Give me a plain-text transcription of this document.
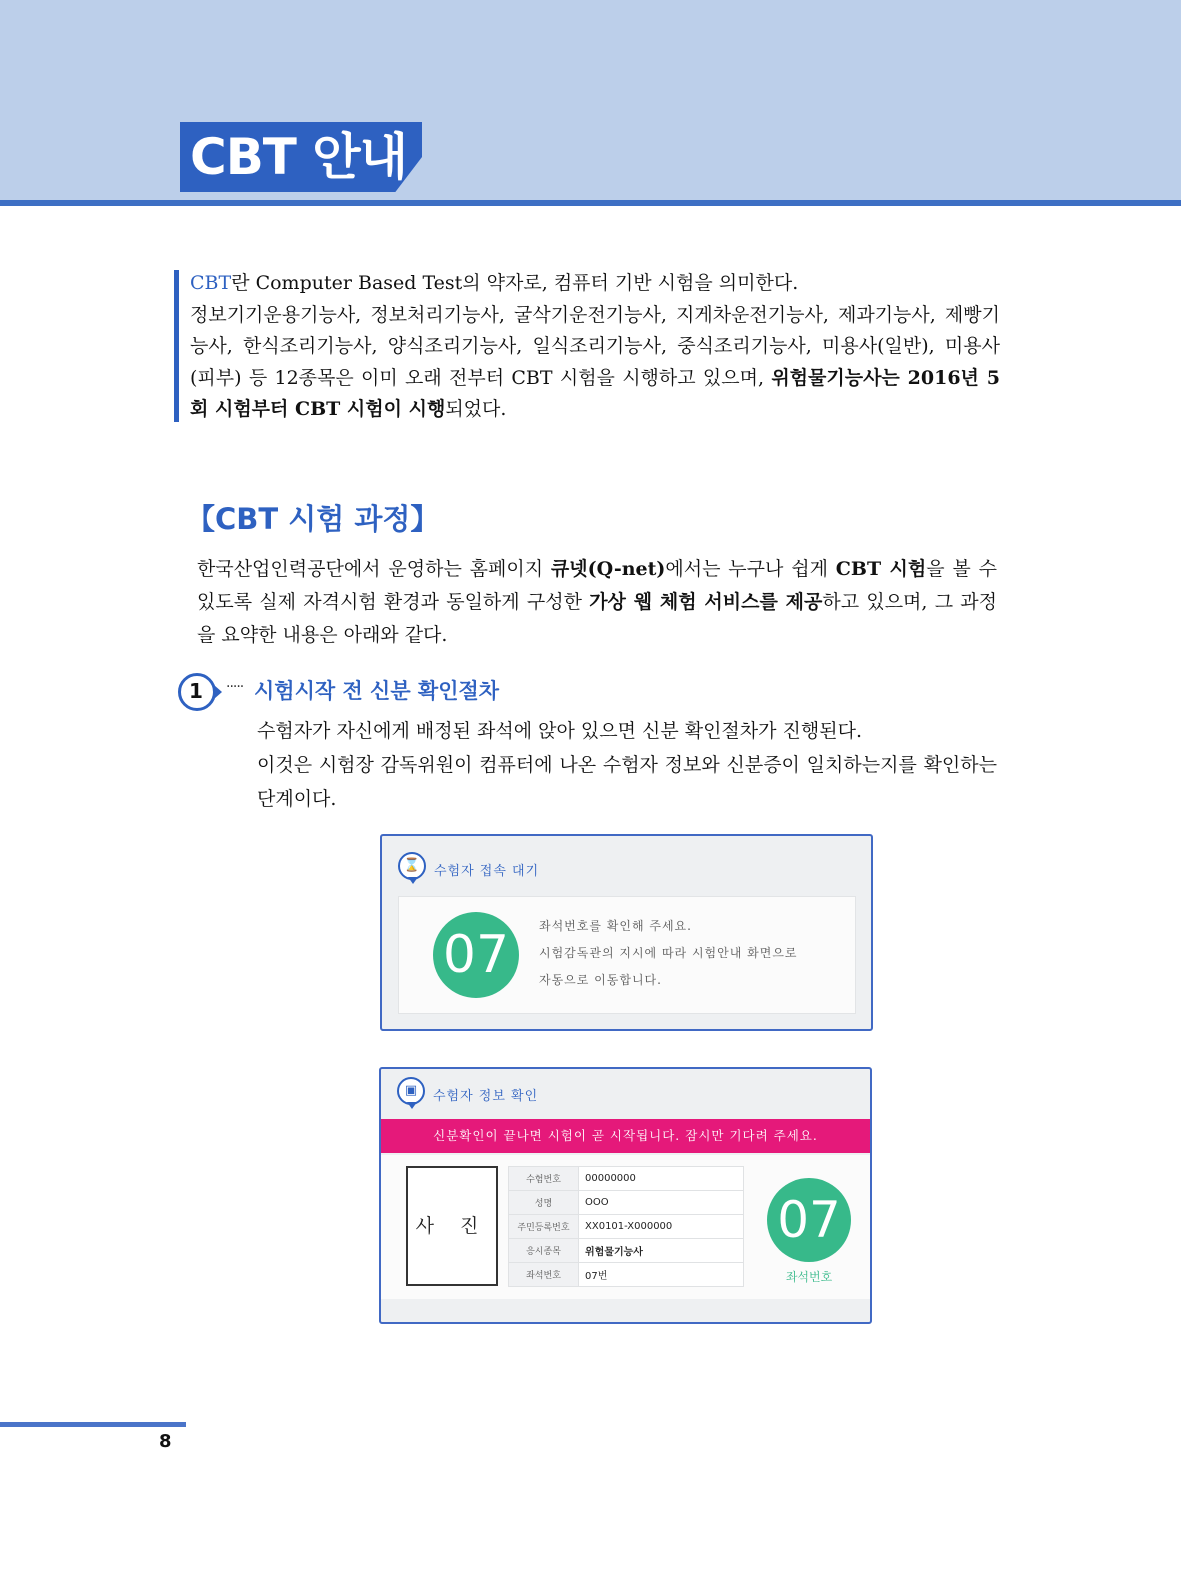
CBT 안내
CBT란 Computer Based Test의 약자로, 컴퓨터 기반 시험을 의미한다.
정보기기운용기능사, 정보처리기능사, 굴삭기운전기능사, 지게차운전기능사, 제과기능사, 제빵기능사, 한식조리기능사, 양식조리기능사, 일식조리기능사, 중식조리기능사, 미용사(일반), 미용사(피부) 등 12종목은 이미 오래 전부터 CBT 시험을 시행하고 있으며, 위험물기능사는 2016년 5회 시험부터 CBT 시험이 시행되었다.
【CBT 시험 과정】
한국산업인력공단에서 운영하는 홈페이지 큐넷(Q-net)에서는 누구나 쉽게 CBT 시험을 볼 수 있도록 실제 자격시험 환경과 동일하게 구성한 가상 웹 체험 서비스를 제공하고 있으며, 그 과정을 요약한 내용은 아래와 같다.
1	····· 시험시작 전 신분 확인절차
수험자가 자신에게 배정된 좌석에 앉아 있으면 신분 확인절차가 진행된다.
이것은 시험장 감독위원이 컴퓨터에 나온 수험자 정보와 신분증이 일치하는지를 확인하는 단계이다.
⌛	수험자 접속 대기
07	좌석번호를 확인해 주세요.
시험감독관의 지시에 따라 시험안내 화면으로
자동으로 이동합니다.
▣	수험자 정보 확인
신분확인이 끝나면 시험이 곧 시작됩니다. 잠시만 기다려 주세요.
사 진
수험번호	00000000
성명	OOO
주민등록번호	XX0101-X000000
응시종목	위험물기능사
좌석번호	07번
07
좌석번호
8
